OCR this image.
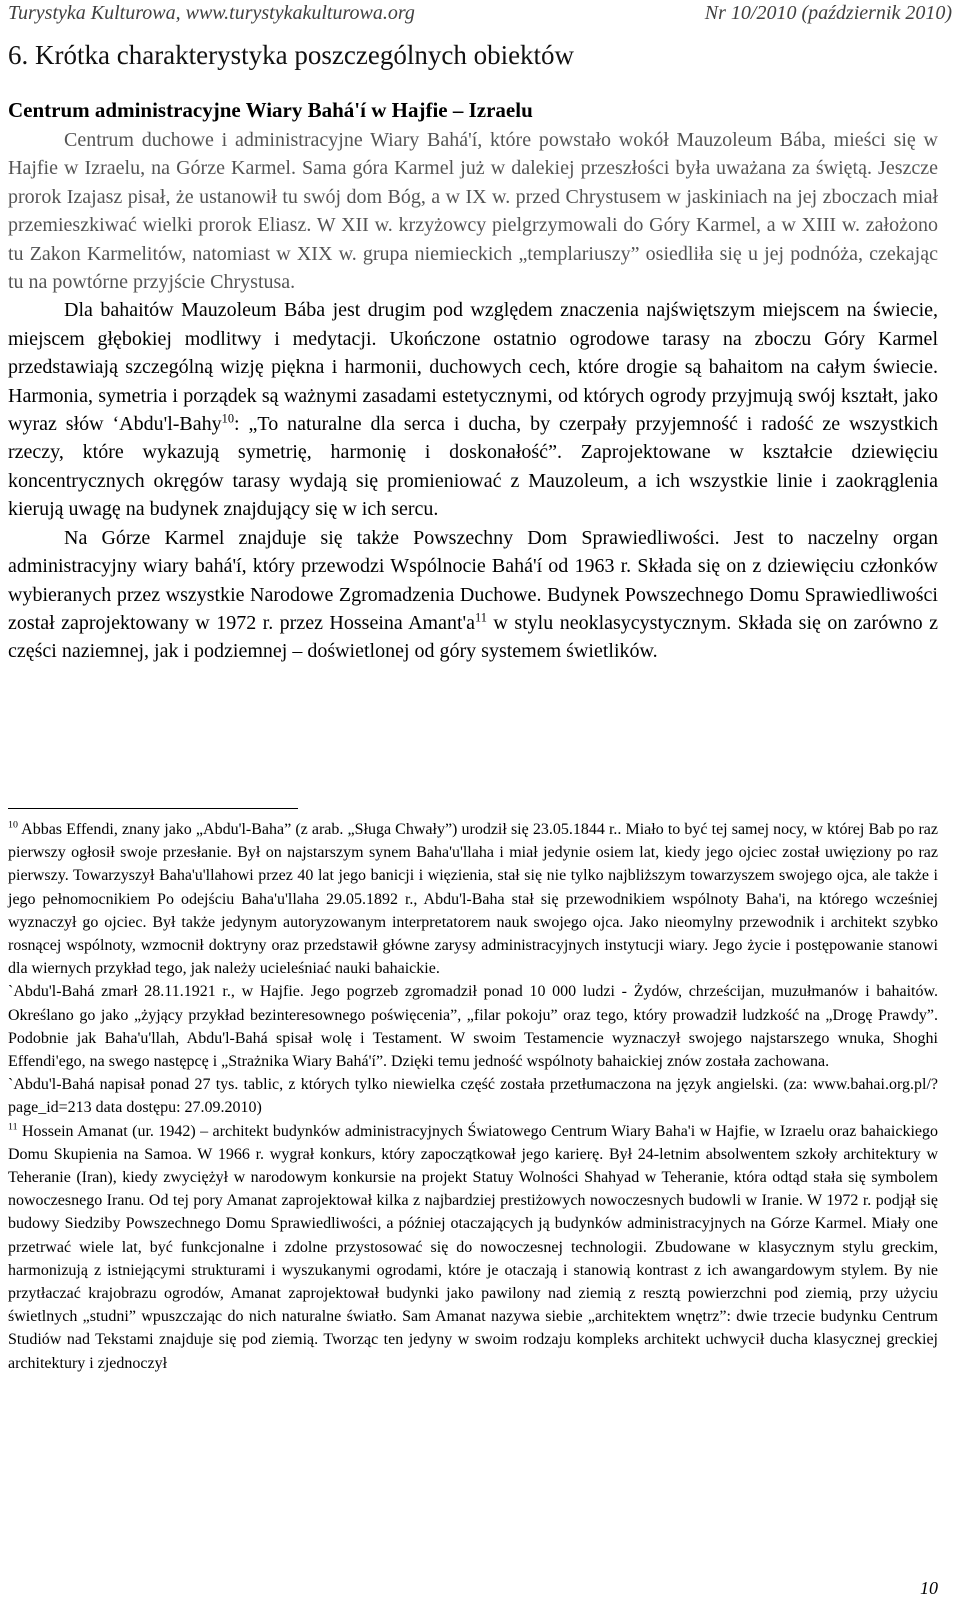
Turystyka Kulturowa, www.turystykakulturowa.org	Nr 10/2010 (październik 2010)
6. Krótka charakterystyka poszczególnych obiektów
Centrum administracyjne Wiary Bahá'í w Hajfie – Izraelu

Centrum duchowe i administracyjne Wiary Bahá'í, które powstało wokół Mauzoleum Bába, mieści się w Hajfie w Izraelu, na Górze Karmel. Sama góra Karmel już w dalekiej przeszłości była uważana za świętą. Jeszcze prorok Izajasz pisał, że ustanowił tu swój dom Bóg, a w IX w. przed Chrystusem w jaskiniach na jej zboczach miał przemieszkiwać wielki prorok Eliasz. W XII w. krzyżowcy pielgrzymowali do Góry Karmel, a w XIII w. założono tu Zakon Karmelitów, natomiast w XIX w. grupa niemieckich „templariuszy” osiedliła się u jej podnóża, czekając tu na powtórne przyjście Chrystusa.

Dla bahaitów Mauzoleum Bába jest drugim pod względem znaczenia najświętszym miejscem na świecie, miejscem głębokiej modlitwy i medytacji. Ukończone ostatnio ogrodowe tarasy na zboczu Góry Karmel przedstawiają szczególną wizję piękna i harmonii, duchowych cech, które drogie są bahaitom na całym świecie. Harmonia, symetria i porządek są ważnymi zasadami estetycznymi, od których ogrody przyjmują swój kształt, jako wyraz słów ‘Abdu'l-Bahy$^{10}$: „To naturalne dla serca i ducha, by czerpały przyjemność i radość ze wszystkich rzeczy, które wykazują symetrię, harmonię i doskonałość”. Zaprojektowane w kształcie dziewięciu koncentrycznych okręgów tarasy wydają się promieniować z Mauzoleum, a ich wszystkie linie i zaokrąglenia kierują uwagę na budynek znajdujący się w ich sercu.

Na Górze Karmel znajduje się także Powszechny Dom Sprawiedliwości. Jest to naczelny organ administracyjny wiary bahá'í, który przewodzi Wspólnocie Bahá'í od 1963 r. Składa się on z dziewięciu członków wybieranych przez wszystkie Narodowe Zgromadzenia Duchowe. Budynek Powszechnego Domu Sprawiedliwości został zaprojektowany w 1972 r. przez Hosseina $Amant'a^{11}$ w stylu neoklasycystycznym. Składa się on zarówno z części naziemnej, jak i podziemnej – doświetlonej od góry systemem świetlików.

$^{10}$ Abbas Effendi, znany jako „Abdu'l-Baha” (z arab. „Sługa Chwały”) urodził się 23.05.1844 r.. Miało to być tej samej nocy, w której Bab po raz pierwszy ogłosił swoje przesłanie. Był on najstarszym synem Baha'u'llaha i miał jedynie osiem lat, kiedy jego ojciec został uwięziony po raz pierwszy. Towarzyszył Baha'u'llahowi przez 40 lat jego banicji i więzienia, stał się nie tylko najbliższym towarzyszem swojego ojca, ale także i jego pełnomocnikiem Po odejściu Baha'u'llaha 29.05.1892 r., Abdu'l-Baha stał się przewodnikiem wspólnoty Baha'i, na którego wcześniej wyznaczył go ojciec. Był także jedynym autoryzowanym interpretatorem nauk swojego ojca. Jako nieomylny przewodnik i architekt szybko rosnącej wspólnoty, wzmocnił doktryny oraz przedstawił główne zarysy administracyjnych instytucji wiary. Jego życie i postępowanie stanowi dla wiernych przykład tego, jak należy ucieleśniać nauki bahaickie.

`Abdu'l-Bahá zmarł 28.11.1921 r., w Hajfie. Jego pogrzeb zgromadził ponad 10 000 ludzi - Żydów, chrześcijan, muzułmanów i bahaitów. Określano go jako „żyjący przykład bezinteresownego poświęcenia”, „filar pokoju” oraz tego, który prowadził ludzkość na „Drogę Prawdy”. Podobnie jak Baha'u'llah, Abdu'l-Bahá spisał wolę i Testament. W swoim Testamencie wyznaczył swojego najstarszego wnuka, Shoghi Effendi'ego, na swego następcę i „Strażnika Wiary Bahá'í”. Dzięki temu jedność wspólnoty bahaickiej znów została zachowana.

`Abdu'l-Bahá napisał ponad 27 tys. tablic, z których tylko niewielka część została przetłumaczona na język angielski. (za: www.bahai.org.pl/?page_id=213 data dostępu: 27.09.2010)

$^{11}$ Hossein Amanat (ur. 1942) – architekt budynków administracyjnych Światowego Centrum Wiary Baha'i w Hajfie, w Izraelu oraz bahaickiego Domu Skupienia na Samoa. W 1966 r. wygrał konkurs, który zapoczątkował jego karierę. Był 24-letnim absolwentem szkoły architektury w Teheranie (Iran), kiedy zwyciężył w narodowym konkursie na projekt Statuy Wolności Shahyad w Teheranie, która odtąd stała się symbolem nowoczesnego Iranu. Od tej pory Amanat zaprojektował kilka z najbardziej prestiżowych nowoczesnych budowli w Iranie. W 1972 r. podjął się budowy Siedziby Powszechnego Domu Sprawiedliwości, a później otaczających ją budynków administracyjnych na Górze Karmel. Miały one przetrwać wiele lat, być funkcjonalne i zdolne przystosować się do nowoczesnej technologii. Zbudowane w klasycznym stylu greckim, harmonizują z istniejącymi strukturami i wyszukanymi ogrodami, które je otaczają i stanowią kontrast z ich awangardowym stylem. By nie przytłaczać krajobrazu ogrodów, Amanat zaprojektował budynki jako pawilony nad ziemią z resztą powierzchni pod ziemią, przy użyciu świetlnych „studni” wpuszczając do nich naturalne światło. Sam Amanat nazywa siebie „architektem wnętrz”: dwie trzecie budynku Centrum Studiów nad Tekstami znajduje się pod ziemią. Tworząc ten jedyny w swoim rodzaju kompleks architekt uchwycił ducha klasycznej greckiej architektury i zjednoczył

10
